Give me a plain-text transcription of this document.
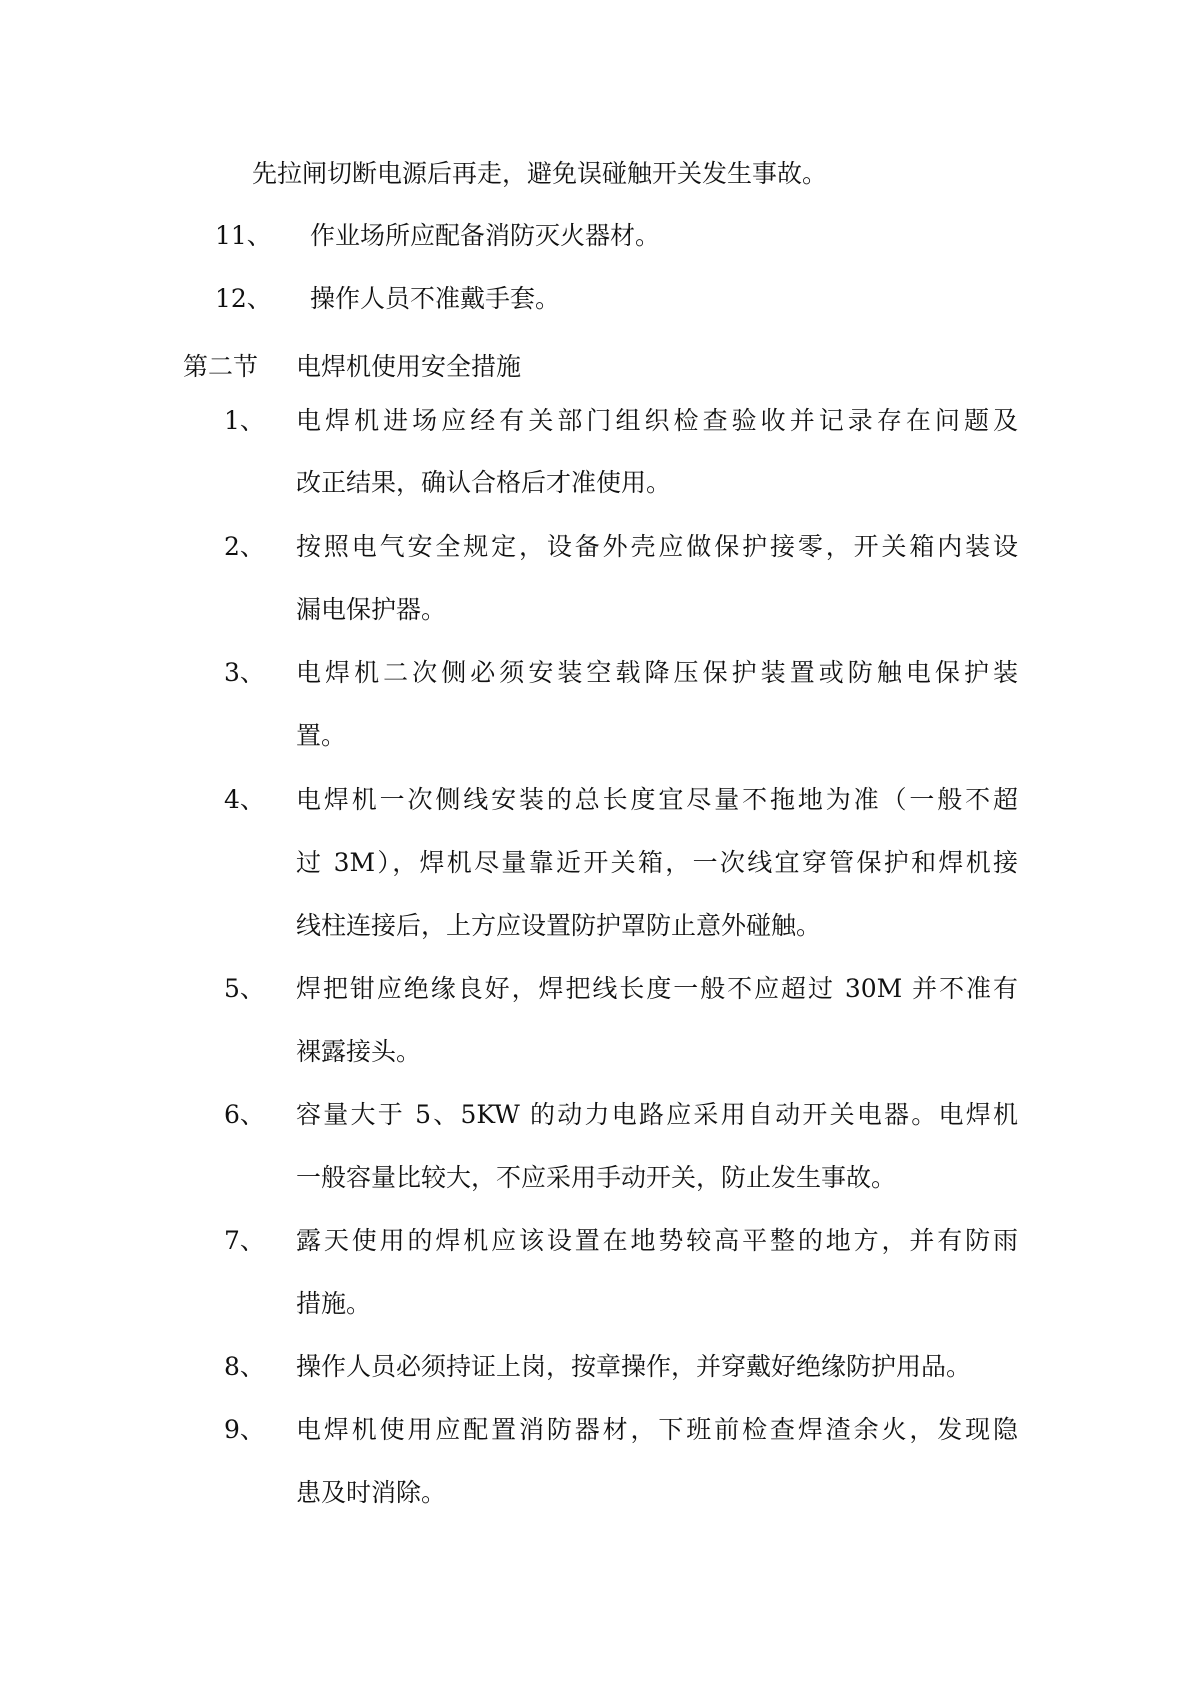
先拉闸切断电源后再走，避免误碰触开关发生事故。
11、 作业场所应配备消防灭火器材。
12、 操作人员不准戴手套。
第二节 电焊机使用安全措施
1、 电焊机进场应经有关部门组织检查验收并记录存在问题及
改正结果，确认合格后才准使用。
2、 按照电气安全规定，设备外壳应做保护接零，开关箱内装设
漏电保护器。
3、 电焊机二次侧必须安装空载降压保护装置或防触电保护装
置。
4、 电焊机一次侧线安装的总长度宜尽量不拖地为准（一般不超
过 3M），焊机尽量靠近开关箱，一次线宜穿管保护和焊机接
线柱连接后，上方应设置防护罩防止意外碰触。
5、 焊把钳应绝缘良好，焊把线长度一般不应超过 30M 并不准有
裸露接头。
6、 容量大于 5、5KW 的动力电路应采用自动开关电器。电焊机
一般容量比较大，不应采用手动开关，防止发生事故。
7、 露天使用的焊机应该设置在地势较高平整的地方，并有防雨
措施。
8、 操作人员必须持证上岗，按章操作，并穿戴好绝缘防护用品。
9、 电焊机使用应配置消防器材，下班前检查焊渣余火，发现隐
患及时消除。
